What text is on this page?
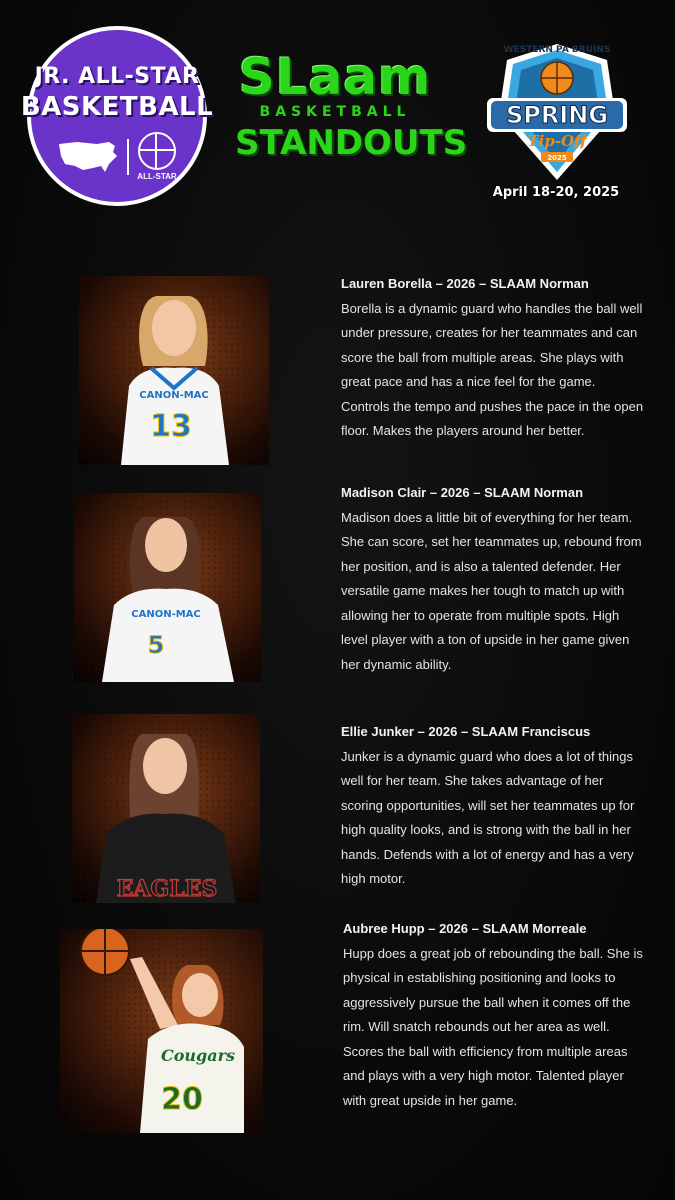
JR. ALL-STAR
BASKETBALL
ALL-STAR
SLaam
BASKETBALL
STANDOUTS
WESTERN PA BRUINS
SPRING
Tip-Off
2025
April 18-20, 2025
CANON-MAC
13
Lauren Borella – 2026 – SLAAM Norman
Borella is a dynamic guard who handles the ball well under pressure, creates for her teammates and can score the ball from multiple areas. She plays with great pace and has a nice feel for the game. Controls the tempo and pushes the pace in the open floor. Makes the players around her better.
CANON-MAC
5
Madison Clair – 2026 – SLAAM Norman
Madison does a little bit of everything for her team. She can score, set her teammates up, rebound from her position, and is also a talented defender. Her versatile game makes her tough to match up with allowing her to operate from multiple spots. High level player with a ton of upside in her game given her dynamic ability.
EAGLES
Ellie Junker – 2026 – SLAAM Franciscus
Junker is a dynamic guard who does a lot of things well for her team. She takes advantage of her scoring opportunities, will set her teammates up for high quality looks, and is strong with the ball in her hands. Defends with a lot of energy and has a very high motor.
Cougars
20
Aubree Hupp – 2026 – SLAAM Morreale
Hupp does a great job of rebounding the ball. She is physical in establishing positioning and looks to aggressively pursue the ball when it comes off the rim. Will snatch rebounds out her area as well. Scores the ball with efficiency from multiple areas and plays with a very high motor. Talented player with great upside in her game.
